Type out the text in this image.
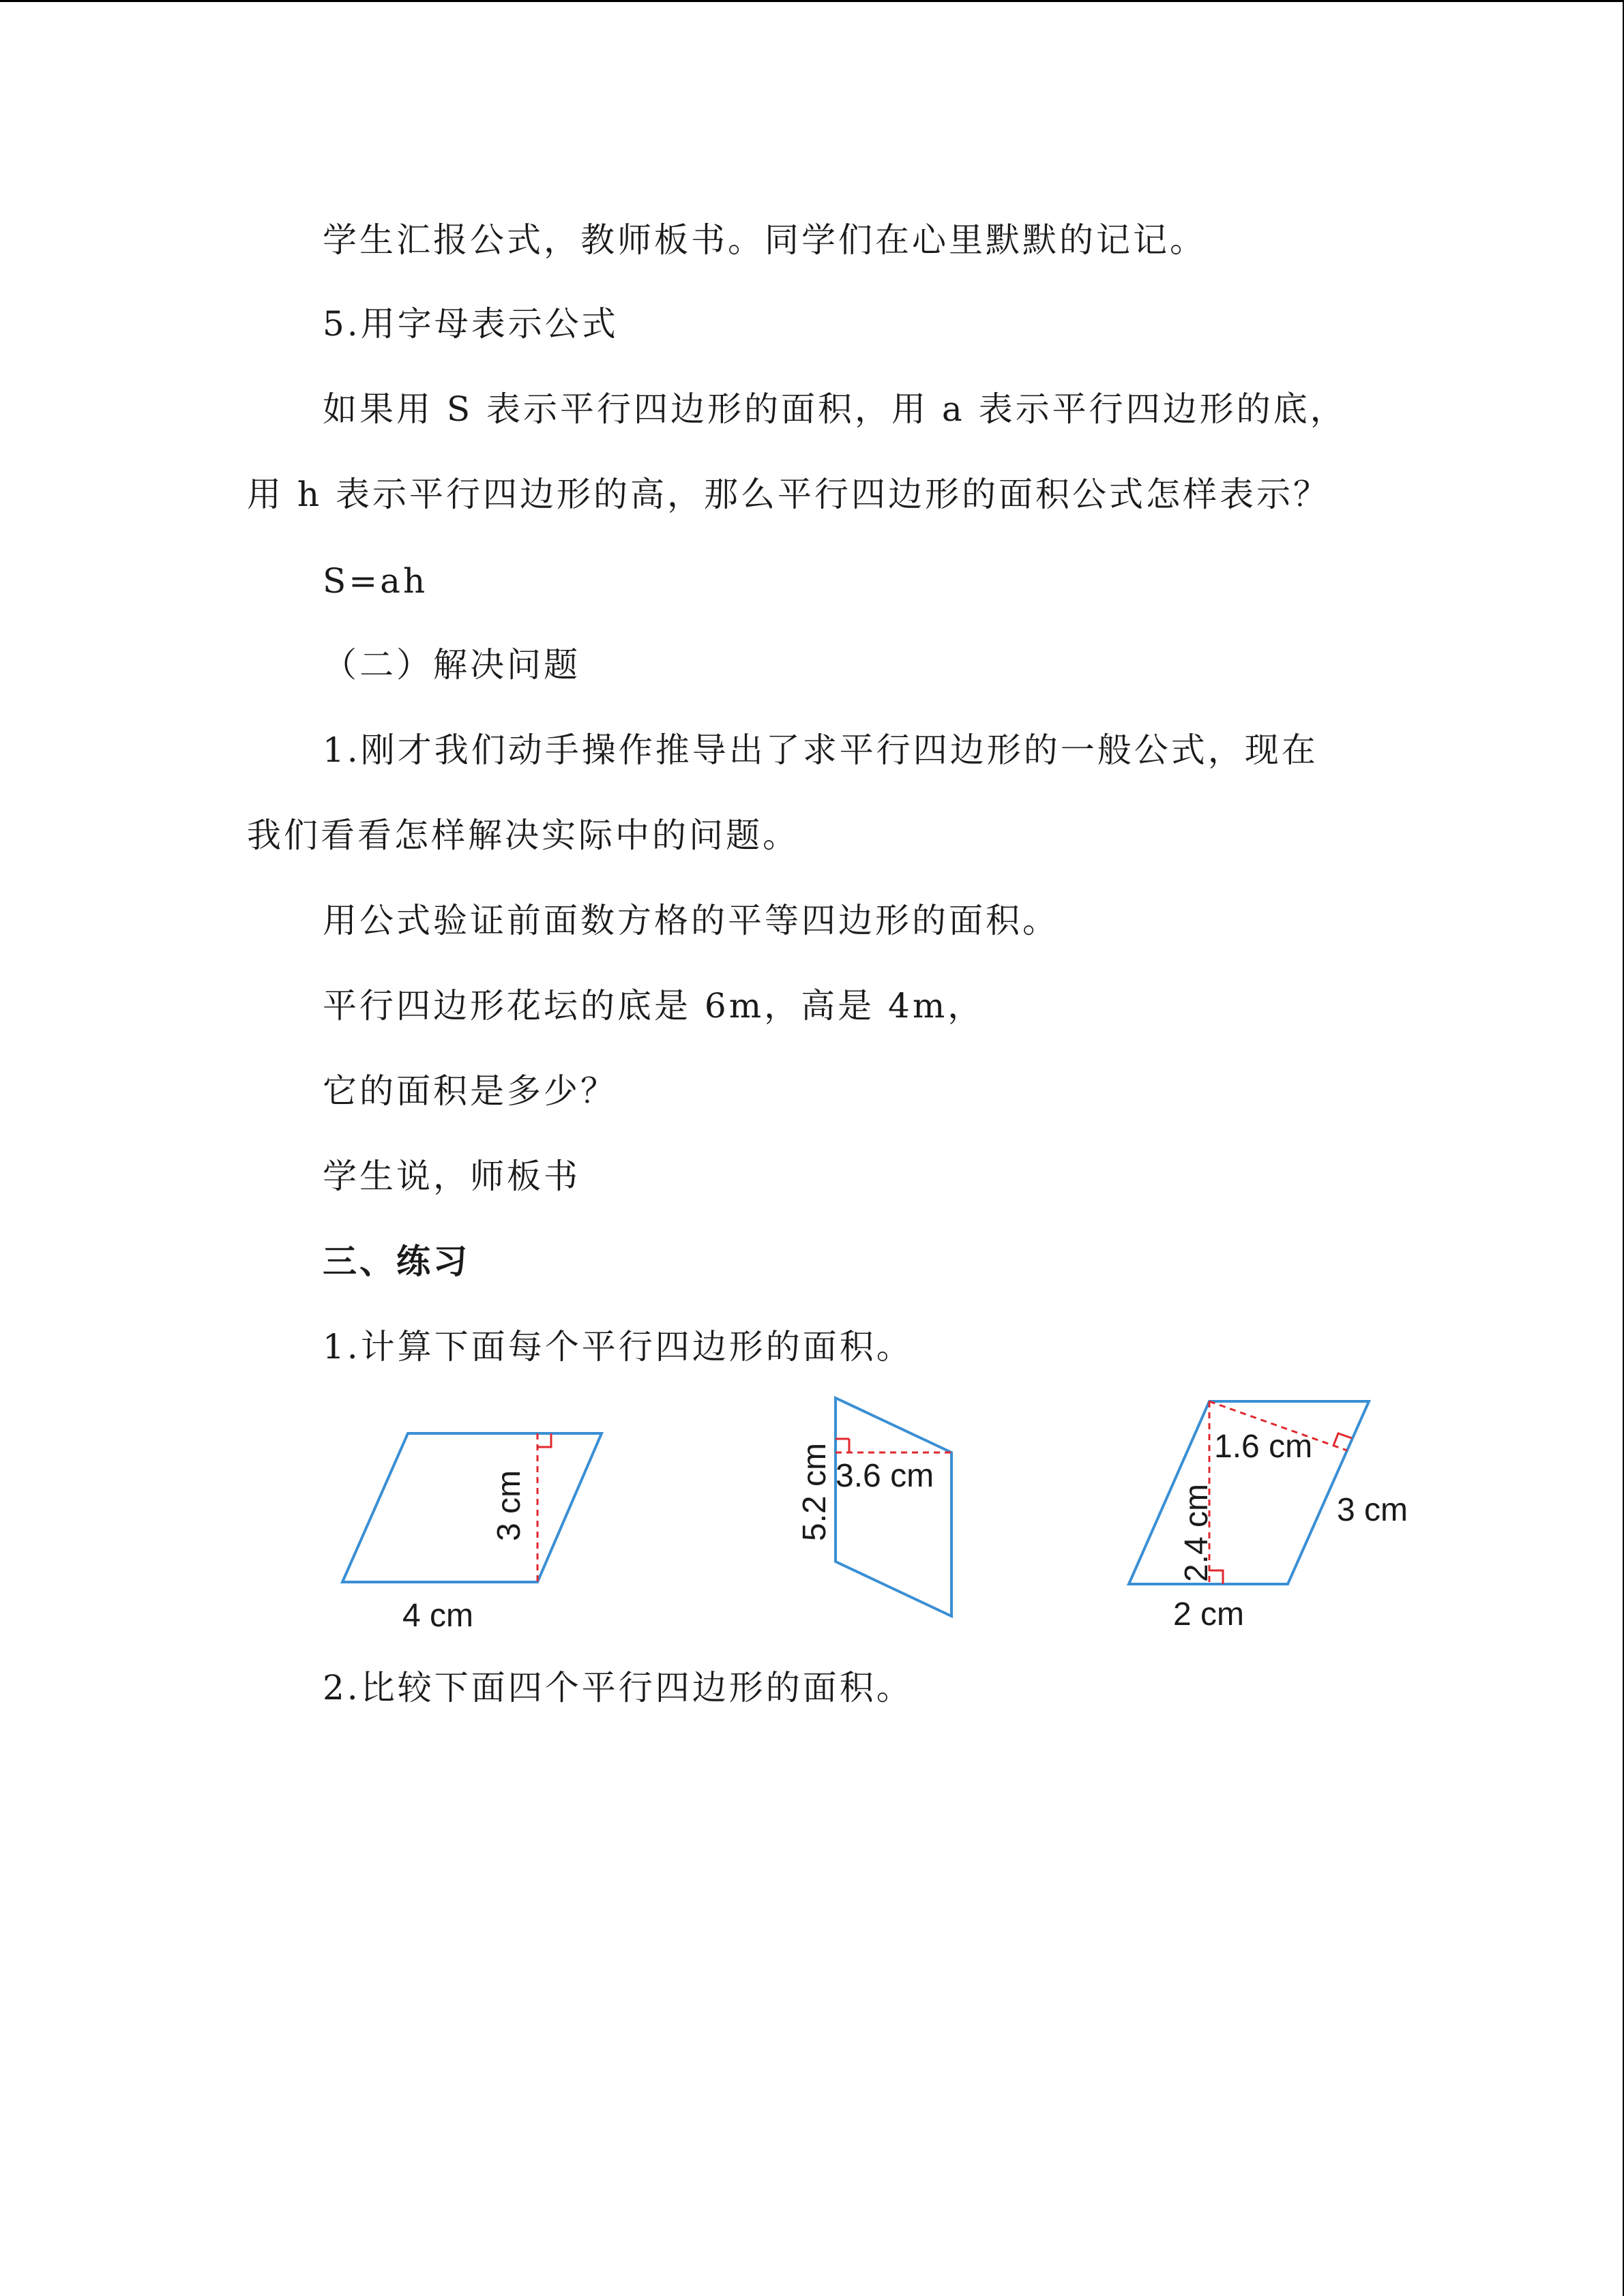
学生汇报公式，教师板书。同学们在心里默默的记记。
5.用字母表示公式
如果用 S 表示平行四边形的面积，用 a 表示平行四边形的底，
用 h 表示平行四边形的高，那么平行四边形的面积公式怎样表示？
S=ah
（二）解决问题
1.刚才我们动手操作推导出了求平行四边形的一般公式，现在
我们看看怎样解决实际中的问题。
用公式验证前面数方格的平等四边形的面积。
平行四边形花坛的底是 6m，高是 4m，
它的面积是多少？
学生说，师板书
三、练习
1.计算下面每个平行四边形的面积。
3 cm
4 cm
5.2 cm 3.6 cm
1.6 cm
3 cm
2.4 cm
2 cm
2.比较下面四个平行四边形的面积。
